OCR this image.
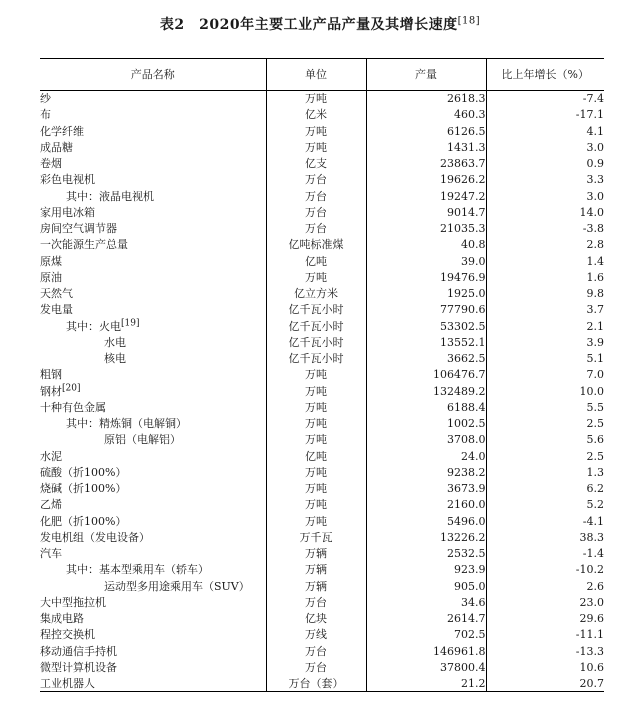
表2　2020年主要工业产品产量及其增长速度[18]
产品名称	单位	产量	比上年增长（%）
纱	万吨	2618.3	-7.4
布	亿米	460.3	-17.1
化学纤维	万吨	6126.5	4.1
成品糖	万吨	1431.3	3.0
卷烟	亿支	23863.7	0.9
彩色电视机	万台	19626.2	3.3
其中：液晶电视机	万台	19247.2	3.0
家用电冰箱	万台	9014.7	14.0
房间空气调节器	万台	21035.3	-3.8
一次能源生产总量	亿吨标准煤	40.8	2.8
原煤	亿吨	39.0	1.4
原油	万吨	19476.9	1.6
天然气	亿立方米	1925.0	9.8
发电量	亿千瓦小时	77790.6	3.7
其中：火电[19]	亿千瓦小时	53302.5	2.1
水电	亿千瓦小时	13552.1	3.9
核电	亿千瓦小时	3662.5	5.1
粗钢	万吨	106476.7	7.0
钢材[20]	万吨	132489.2	10.0
十种有色金属	万吨	6188.4	5.5
其中：精炼铜（电解铜）	万吨	1002.5	2.5
原铝（电解铝）	万吨	3708.0	5.6
水泥	亿吨	24.0	2.5
硫酸（折100%）	万吨	9238.2	1.3
烧碱（折100%）	万吨	3673.9	6.2
乙烯	万吨	2160.0	5.2
化肥（折100%）	万吨	5496.0	-4.1
发电机组（发电设备）	万千瓦	13226.2	38.3
汽车	万辆	2532.5	-1.4
其中：基本型乘用车（轿车）	万辆	923.9	-10.2
运动型多用途乘用车（SUV）	万辆	905.0	2.6
大中型拖拉机	万台	34.6	23.0
集成电路	亿块	2614.7	29.6
程控交换机	万线	702.5	-11.1
移动通信手持机	万台	146961.8	-13.3
微型计算机设备	万台	37800.4	10.6
工业机器人	万台（套）	21.2	20.7
